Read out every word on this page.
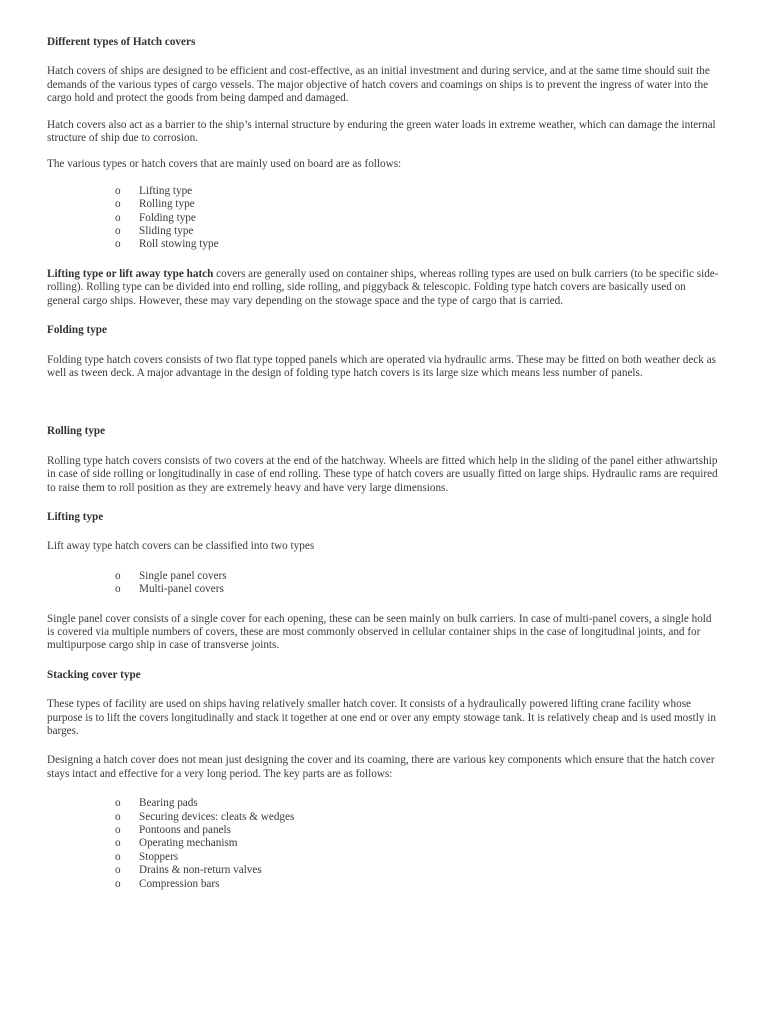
Different types of Hatch covers

Hatch covers of ships are designed to be efficient and cost-effective, as an initial investment and during service, and at the same time should suit the demands of the various types of cargo vessels. The major objective of hatch covers and coamings on ships is to prevent the ingress of water into the cargo hold and protect the goods from being damped and damaged.

Hatch covers also act as a barrier to the ship’s internal structure by enduring the green water loads in extreme weather, which can damage the internal structure of ship due to corrosion.

The various types or hatch covers that are mainly used on board are as follows:

o Lifting type
o Rolling type
o Folding type
o Sliding type
o Roll stowing type

Lifting type or lift away type hatch covers are generally used on container ships, whereas rolling types are used on bulk carriers (to be specific side-rolling). Rolling type can be divided into end rolling, side rolling, and piggyback & telescopic. Folding type hatch covers are basically used on general cargo ships. However, these may vary depending on the stowage space and the type of cargo that is carried.

Folding type

Folding type hatch covers consists of two flat type topped panels which are operated via hydraulic arms. These may be fitted on both weather deck as well as tween deck. A major advantage in the design of folding type hatch covers is its large size which means less number of panels.

Rolling type

Rolling type hatch covers consists of two covers at the end of the hatchway. Wheels are fitted which help in the sliding of the panel either athwartship in case of side rolling or longitudinally in case of end rolling. These type of hatch covers are usually fitted on large ships. Hydraulic rams are required to raise them to roll position as they are extremely heavy and have very large dimensions.

Lifting type

Lift away type hatch covers can be classified into two types

o Single panel covers
o Multi-panel covers

Single panel cover consists of a single cover for each opening, these can be seen mainly on bulk carriers. In case of multi-panel covers, a single hold is covered via multiple numbers of covers, these are most commonly observed in cellular container ships in the case of longitudinal joints, and for multipurpose cargo ship in case of transverse joints.

Stacking cover type

These types of facility are used on ships having relatively smaller hatch cover. It consists of a hydraulically powered lifting crane facility whose purpose is to lift the covers longitudinally and stack it together at one end or over any empty stowage tank. It is relatively cheap and is used mostly in barges.

Designing a hatch cover does not mean just designing the cover and its coaming, there are various key components which ensure that the hatch cover stays intact and effective for a very long period. The key parts are as follows:

o Bearing pads
o Securing devices: cleats & wedges
o Pontoons and panels
o Operating mechanism
o Stoppers
o Drains & non-return valves
o Compression bars
